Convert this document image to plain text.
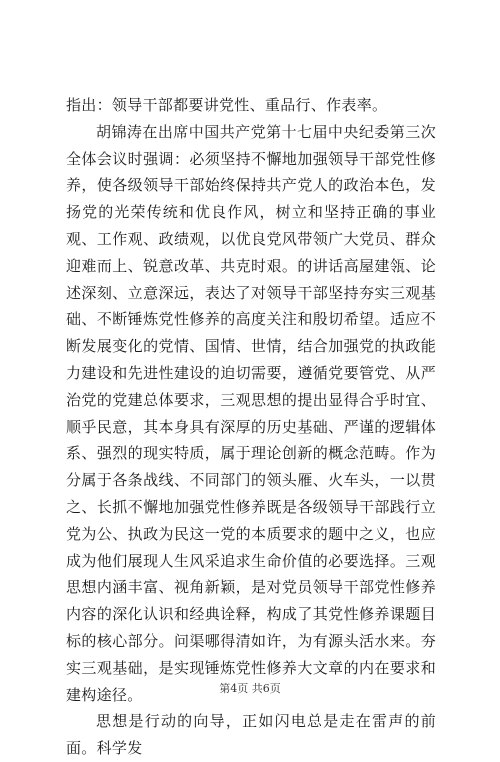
指出：领导干部都要讲党性、重品行、作表率。

胡锦涛在出席中国共产党第十七届中央纪委第三次全体会议时强调：必须坚持不懈地加强领导干部党性修养，使各级领导干部始终保持共产党人的政治本色，发扬党的光荣传统和优良作风，树立和坚持正确的事业观、工作观、政绩观，以优良党风带领广大党员、群众迎难而上、锐意改革、共克时艰。的讲话高屋建瓴、论述深刻、立意深远，表达了对领导干部坚持夯实三观基础、不断锤炼党性修养的高度关注和殷切希望。适应不断发展变化的党情、国情、世情，结合加强党的执政能力建设和先进性建设的迫切需要，遵循党要管党、从严治党的党建总体要求，三观思想的提出显得合乎时宜、顺乎民意，其本身具有深厚的历史基础、严谨的逻辑体系、强烈的现实特质，属于理论创新的概念范畴。作为分属于各条战线、不同部门的领头雁、火车头，一以贯之、长抓不懈地加强党性修养既是各级领导干部践行立党为公、执政为民这一党的本质要求的题中之义，也应成为他们展现人生风采追求生命价值的必要选择。三观思想内涵丰富、视角新颖，是对党员领导干部党性修养内容的深化认识和经典诠释，构成了其党性修养课题目标的核心部分。问渠哪得清如许，为有源头活水来。夯实三观基础，是实现锤炼党性修养大文章的内在要求和建构途径。

思想是行动的向导，正如闪电总是走在雷声的前面。科学发

第4页 共6页
